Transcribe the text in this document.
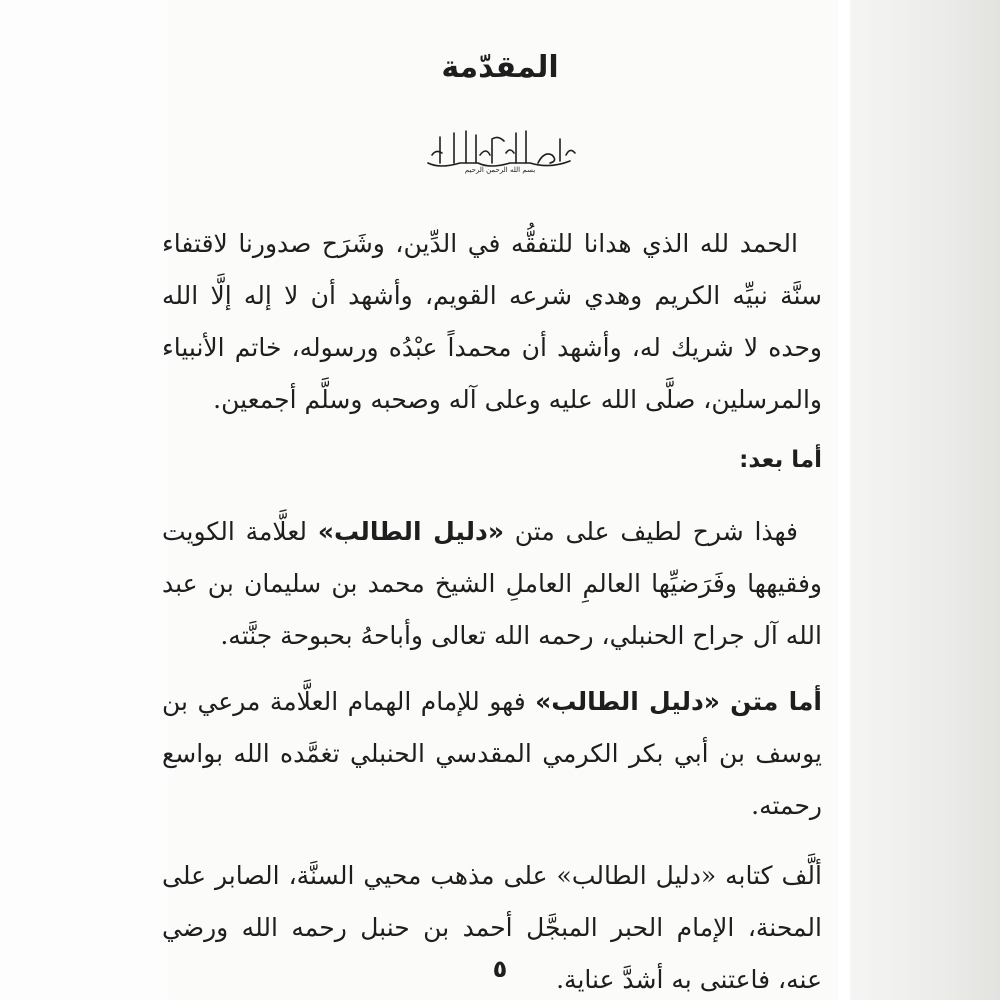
المقدّمة
بسم الله الرحمن الرحيم

الحمد لله الذي هدانا للتفقُّه في الدِّين، وشَرَح صدورنا لاقتفاء سنَّة نبيِّه الكريم وهدي شرعه القويم، وأشهد أن لا إله إلَّا الله وحده لا شريك له، وأشهد أن محمداً عبْدُه ورسوله، خاتم الأنبياء والمرسلين، صلَّى الله عليه وعلى آله وصحبه وسلَّم أجمعين.

أما بعد:

فهذا شرح لطيف على متن «دليل الطالب» لعلَّامة الكويت وفقيهها وفَرَضيِّها العالمِ العاملِ الشيخ محمد بن سليمان بن عبد الله آل جراح الحنبلي، رحمه الله تعالى وأباحهُ بحبوحة جنَّته.

أما متن «دليل الطالب» فهو للإمام الهمام العلَّامة مرعي بن يوسف بن أبي بكر الكرمي المقدسي الحنبلي تغمَّده الله بواسع رحمته.

ألَّف كتابه «دليل الطالب» على مذهب محيي السنَّة، الصابر على المحنة، الإمام الحبر المبجَّل أحمد بن حنبل رحمه الله ورضي عنه، فاعتنى به أشدَّ عناية.

٥
